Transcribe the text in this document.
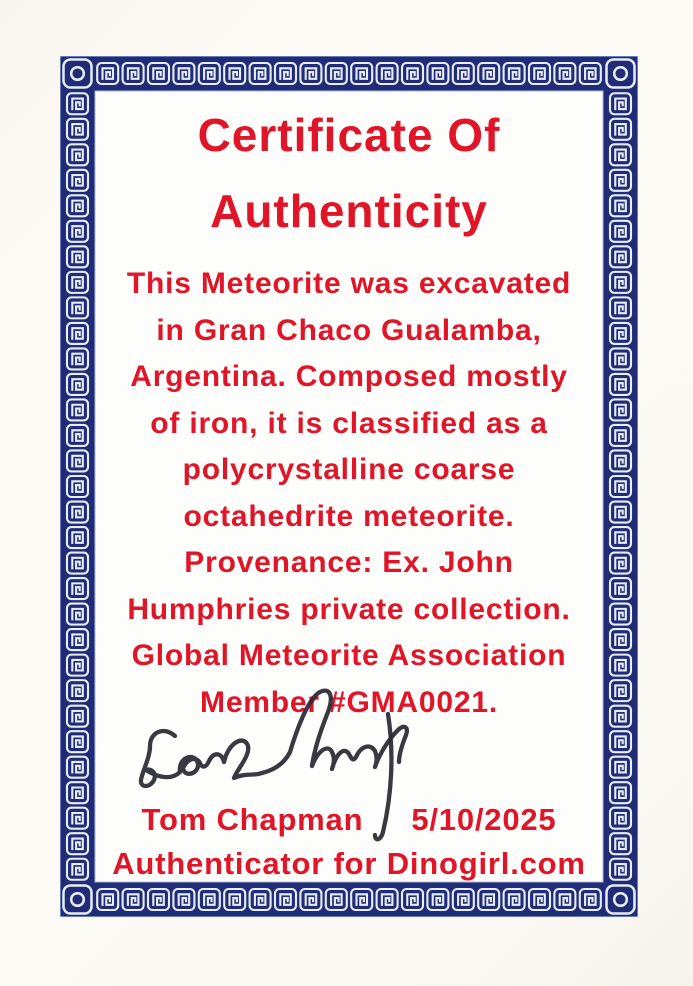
Certificate Of
Authenticity
This Meteorite was excavated
in Gran Chaco Gualamba,
Argentina. Composed mostly
of iron, it is classified as a
polycrystalline coarse
octahedrite meteorite.
Provenance: Ex. John
Humphries private collection.
Global Meteorite Association
Member #GMA0021.
Tom Chapman 5/10/2025
Authenticator for Dinogirl.com
